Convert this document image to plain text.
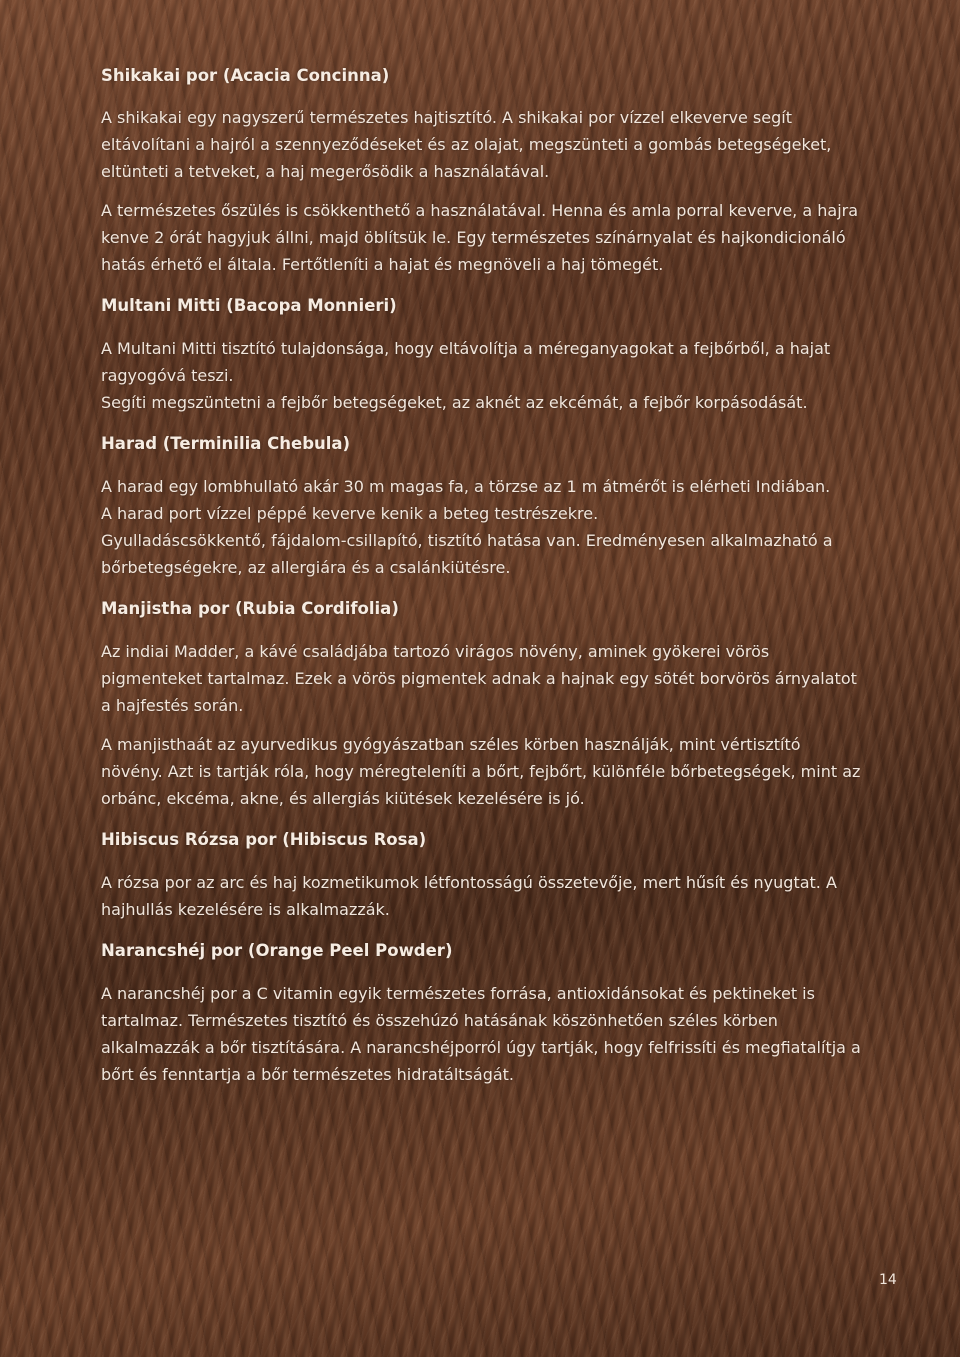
Shikakai por (Acacia Concinna)

A shikakai egy nagyszerű természetes hajtisztító. A shikakai por vízzel elkeverve segít eltávolítani a hajról a szennyeződéseket és az olajat, megszünteti a gombás betegségeket, eltünteti a tetveket, a haj megerősödik a használatával.

A természetes őszülés is csökkenthető a használatával. Henna és amla porral keverve, a hajra kenve 2 órát hagyjuk állni, majd öblítsük le. Egy természetes színárnyalat és hajkondicionáló hatás érhető el általa. Fertőtleníti a hajat és megnöveli a haj tömegét.

Multani Mitti (Bacopa Monnieri)

A Multani Mitti tisztító tulajdonsága, hogy eltávolítja a méreganyagokat a fejbőrből, a hajat ragyogóvá teszi.

Segíti megszüntetni a fejbőr betegségeket, az aknét az ekcémát, a fejbőr korpásodását.

Harad (Terminilia Chebula)

A harad egy lombhullató akár 30 m magas fa, a törzse az 1 m átmérőt is elérheti Indiában.

A harad port vízzel péppé keverve kenik a beteg testrészekre.

Gyulladáscsökkentő, fájdalom-csillapító, tisztító hatása van. Eredményesen alkalmazható a bőrbetegségekre, az allergiára és a csalánkiütésre.

Manjistha por (Rubia Cordifolia)

Az indiai Madder, a kávé családjába tartozó virágos növény, aminek gyökerei vörös pigmenteket tartalmaz. Ezek a vörös pigmentek adnak a hajnak egy sötét borvörös árnyalatot a hajfestés során.

A manjisthaát az ayurvedikus gyógyászatban széles körben használják, mint vértisztító növény. Azt is tartják róla, hogy méregteleníti a bőrt, fejbőrt, különféle bőrbetegségek, mint az orbánc, ekcéma, akne, és allergiás kiütések kezelésére is jó.

Hibiscus Rózsa por (Hibiscus Rosa)

A rózsa por az arc és haj kozmetikumok létfontosságú összetevője, mert hűsít és nyugtat. A hajhullás kezelésére is alkalmazzák.

Narancshéj por (Orange Peel Powder)

A narancshéj por a C vitamin egyik természetes forrása, antioxidánsokat és pektineket is tartalmaz. Természetes tisztító és összehúzó hatásának köszönhetően széles körben alkalmazzák a bőr tisztítására. A narancshéjporról úgy tartják, hogy felfrissíti és megfiatalítja a bőrt és fenntartja a bőr természetes hidratáltságát.

14
